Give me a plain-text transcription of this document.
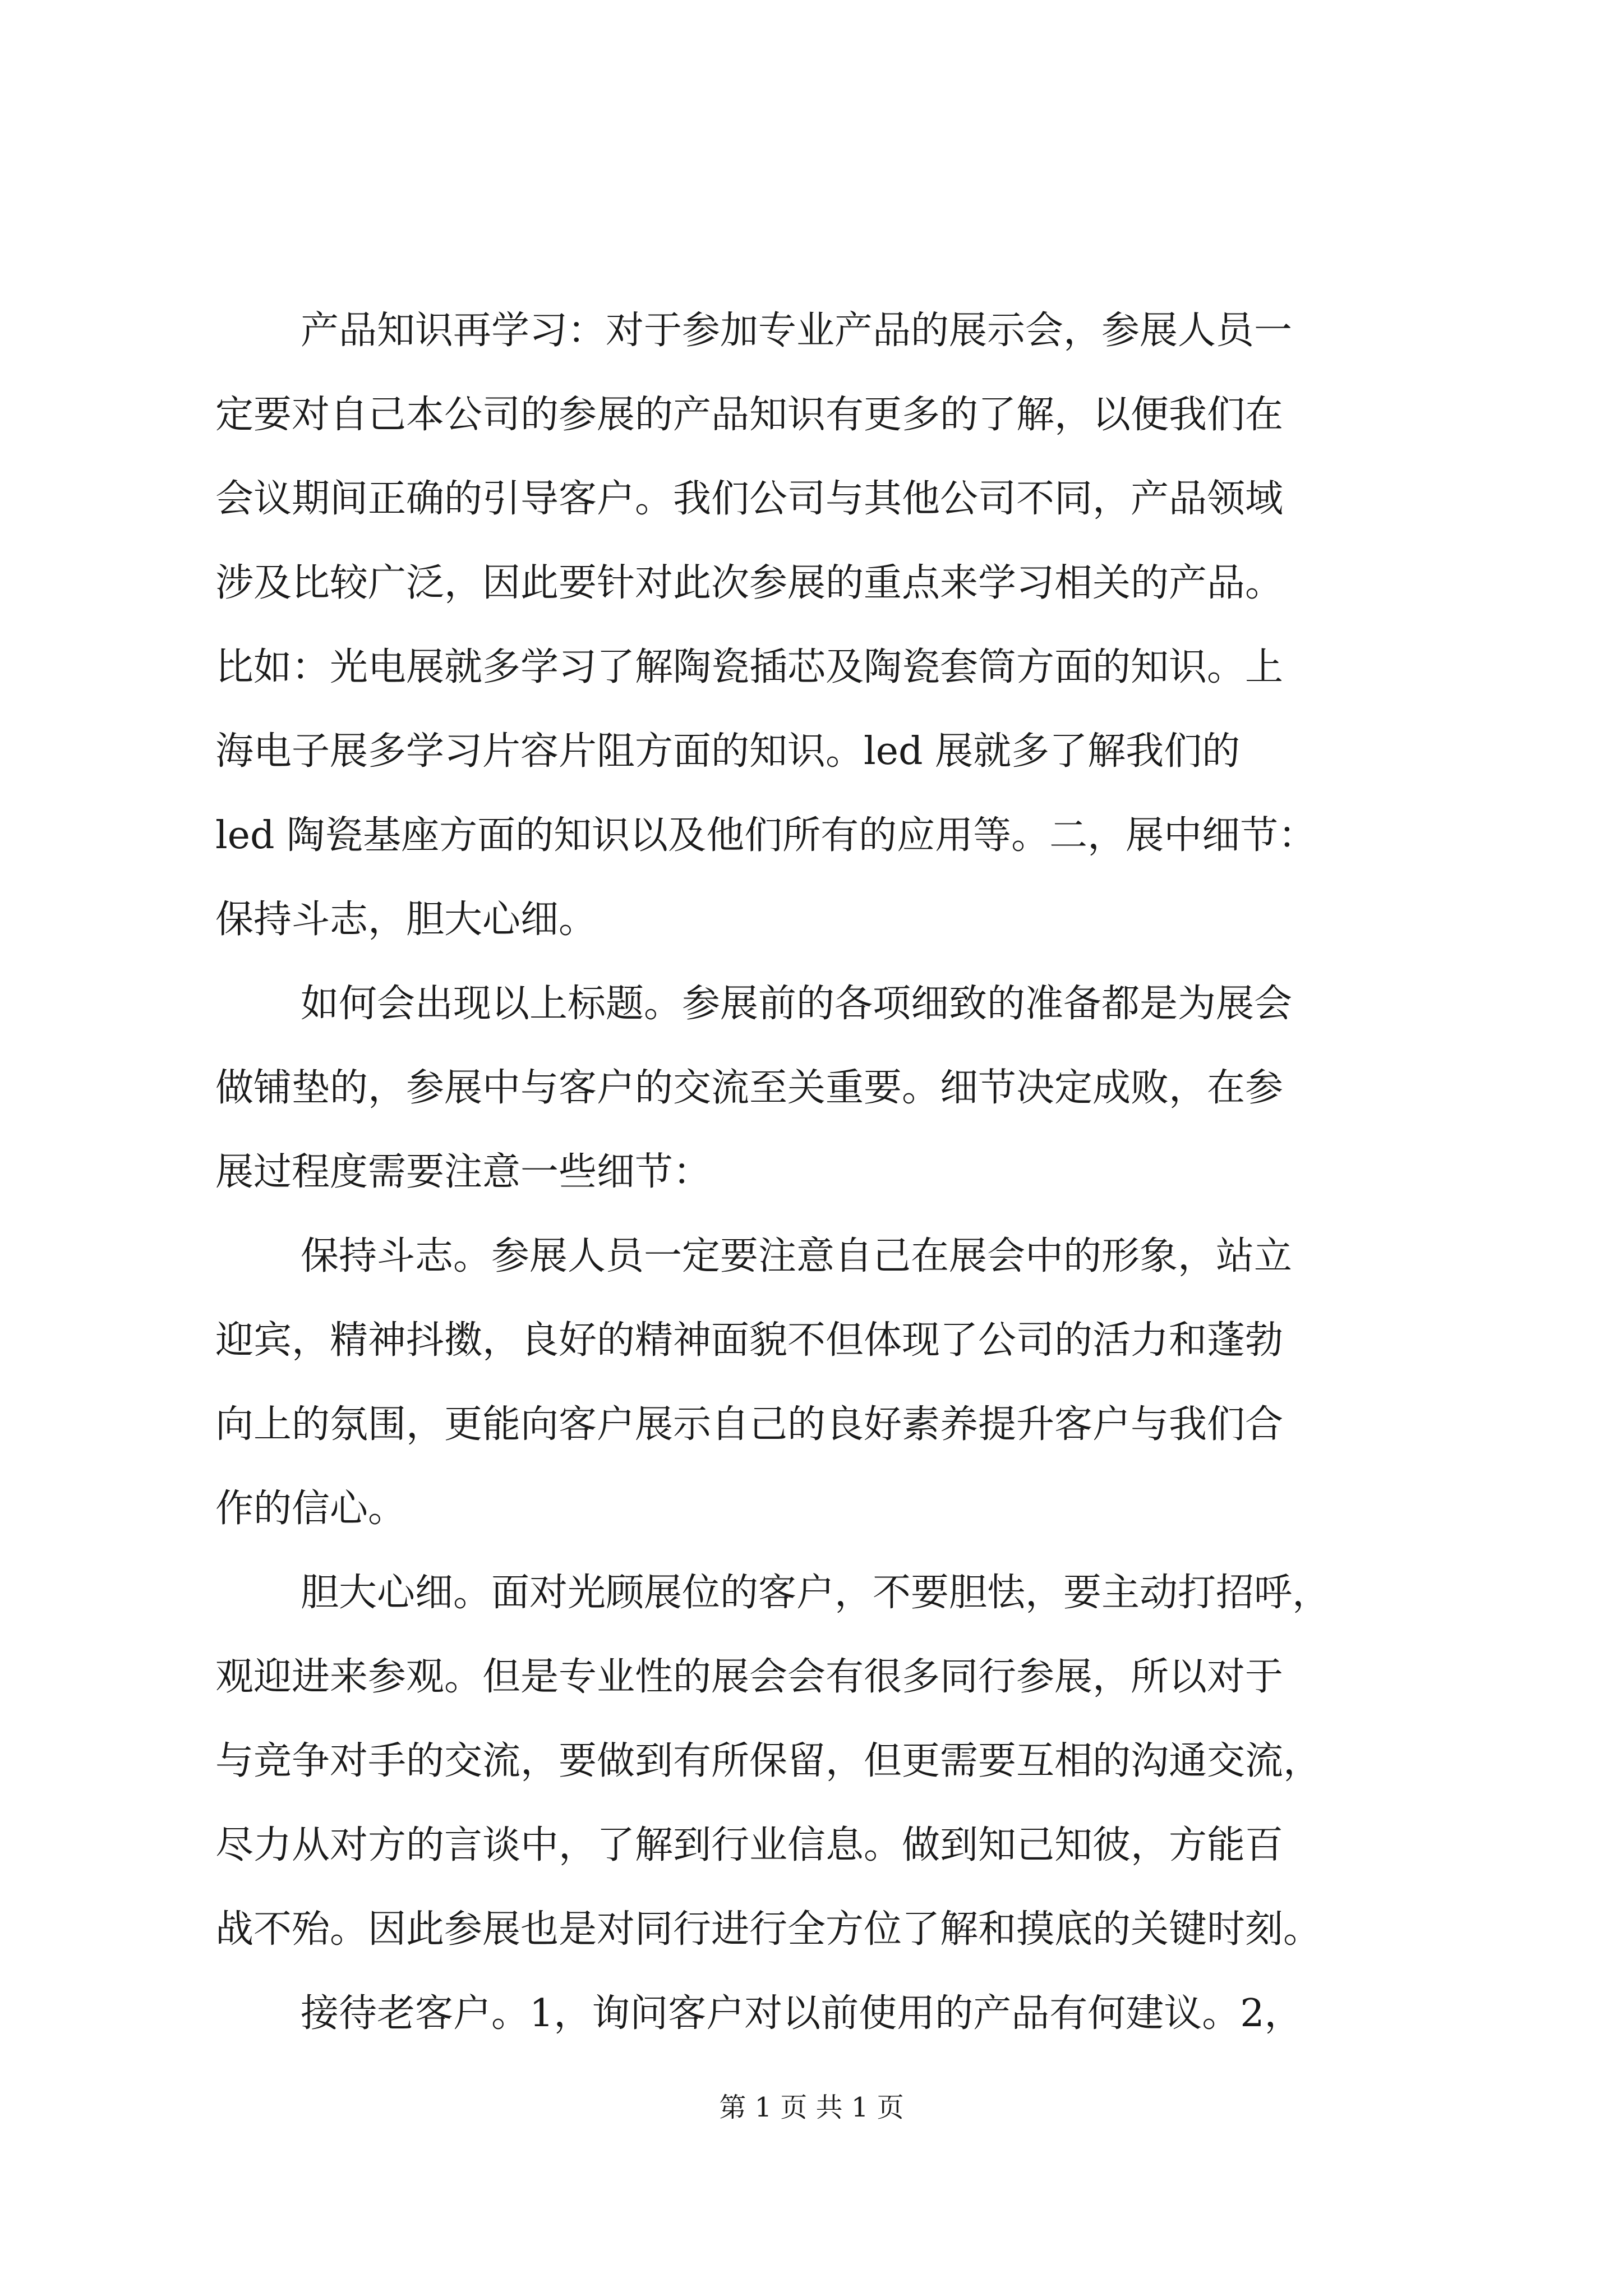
产品知识再学习：对于参加专业产品的展示会，参展人员一
定要对自己本公司的参展的产品知识有更多的了解，以便我们在
会议期间正确的引导客户。我们公司与其他公司不同，产品领域
涉及比较广泛，因此要针对此次参展的重点来学习相关的产品。
比如：光电展就多学习了解陶瓷插芯及陶瓷套筒方面的知识。上
海电子展多学习片容片阻方面的知识。led 展就多了解我们的
led 陶瓷基座方面的知识以及他们所有的应用等。二，展中细节：
保持斗志，胆大心细。
如何会出现以上标题。参展前的各项细致的准备都是为展会
做铺垫的，参展中与客户的交流至关重要。细节决定成败，在参
展过程度需要注意一些细节：
保持斗志。参展人员一定要注意自己在展会中的形象，站立
迎宾，精神抖擞，良好的精神面貌不但体现了公司的活力和蓬勃
向上的氛围，更能向客户展示自己的良好素养提升客户与我们合
作的信心。
胆大心细。面对光顾展位的客户，不要胆怯，要主动打招呼，
观迎进来参观。但是专业性的展会会有很多同行参展，所以对于
与竞争对手的交流，要做到有所保留，但更需要互相的沟通交流，
尽力从对方的言谈中，了解到行业信息。做到知己知彼，方能百
战不殆。因此参展也是对同行进行全方位了解和摸底的关键时刻。
接待老客户。1，询问客户对以前使用的产品有何建议。2，
第 1 页 共 1 页
